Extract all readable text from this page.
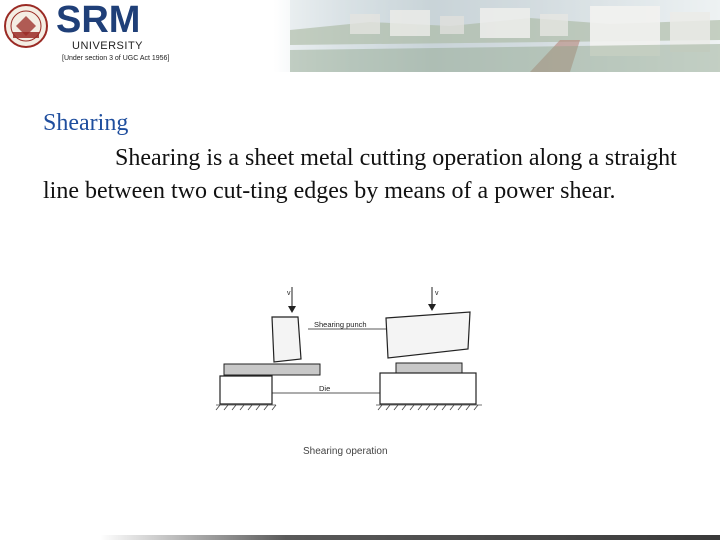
SRM
UNIVERSITY
[Under section 3 of UGC Act 1956]
Shearing
Shearing is a sheet metal cutting operation along a straight line between two cut-ting edges by means of a power shear.
v	v
Shearing punch
Die
Shearing operation
